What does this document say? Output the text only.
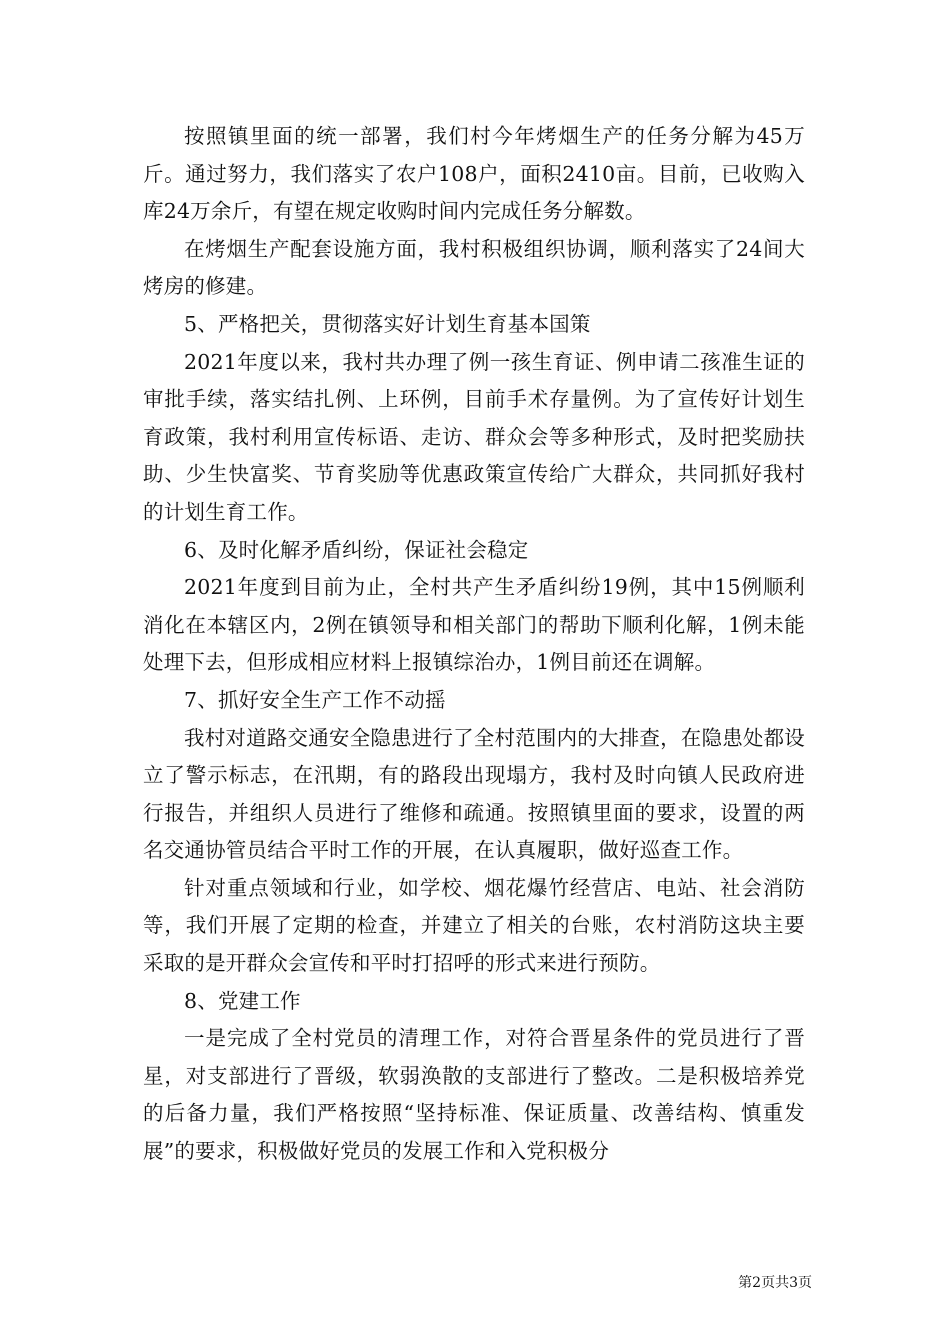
按照镇里面的统一部署，我们村今年烤烟生产的任务分解为45万斤。通过努力，我们落实了农户108户，面积2410亩。目前，已收购入库24万余斤，有望在规定收购时间内完成任务分解数。

在烤烟生产配套设施方面，我村积极组织协调，顺利落实了24间大烤房的修建。

5、严格把关，贯彻落实好计划生育基本国策

2021年度以来，我村共办理了例一孩生育证、例申请二孩准生证的审批手续，落实结扎例、上环例，目前手术存量例。为了宣传好计划生育政策，我村利用宣传标语、走访、群众会等多种形式，及时把奖励扶助、少生快富奖、节育奖励等优惠政策宣传给广大群众，共同抓好我村的计划生育工作。

6、及时化解矛盾纠纷，保证社会稳定

2021年度到目前为止，全村共产生矛盾纠纷19例，其中15例顺利消化在本辖区内，2例在镇领导和相关部门的帮助下顺利化解，1例未能处理下去，但形成相应材料上报镇综治办，1例目前还在调解。

7、抓好安全生产工作不动摇

我村对道路交通安全隐患进行了全村范围内的大排查，在隐患处都设立了警示标志，在汛期，有的路段出现塌方，我村及时向镇人民政府进行报告，并组织人员进行了维修和疏通。按照镇里面的要求，设置的两名交通协管员结合平时工作的开展，在认真履职，做好巡查工作。

针对重点领域和行业，如学校、烟花爆竹经营店、电站、社会消防等，我们开展了定期的检查，并建立了相关的台账，农村消防这块主要采取的是开群众会宣传和平时打招呼的形式来进行预防。

8、党建工作

一是完成了全村党员的清理工作，对符合晋星条件的党员进行了晋星，对支部进行了晋级，软弱涣散的支部进行了整改。二是积极培养党的后备力量，我们严格按照“坚持标准、保证质量、改善结构、慎重发展”的要求，积极做好党员的发展工作和入党积极分

第2页共3页
